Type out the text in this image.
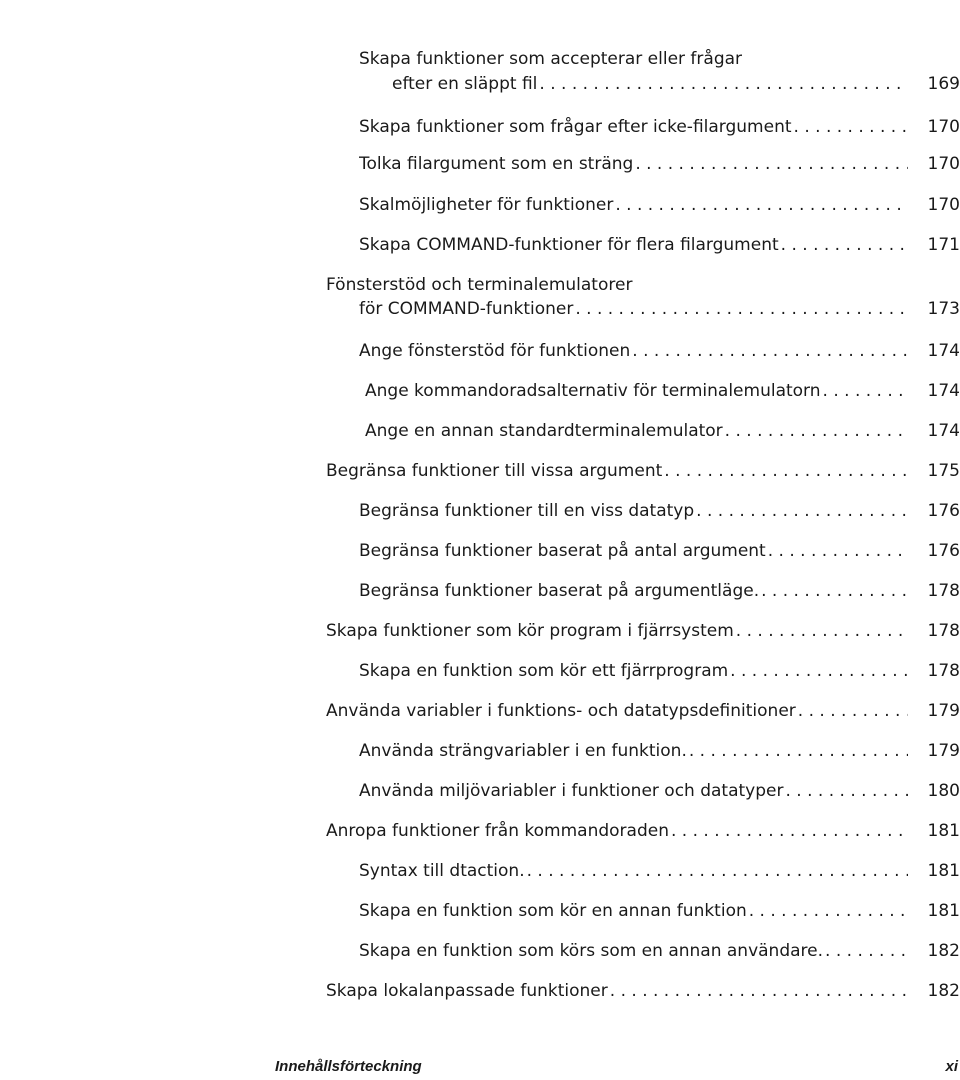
Skapa funktioner som accepterar eller frågar
efter en släppt fil . . .	169
Skapa funktioner som frågar efter icke-filargument . . .	170
Tolka filargument som en sträng . . .	170
Skalmöjligheter för funktioner . . .	170
Skapa COMMAND-funktioner för flera filargument . . .	171
Fönsterstöd och terminalemulatorer
för COMMAND-funktioner . . .	173
Ange fönsterstöd för funktionen . . .	174
Ange kommandoradsalternativ för terminalemulatorn . . .	174
Ange en annan standardterminalemulator . . .	174
Begränsa funktioner till vissa argument . . .	175
Begränsa funktioner till en viss datatyp . . .	176
Begränsa funktioner baserat på antal argument . . .	176
Begränsa funktioner baserat på argumentläge. . . .	178
Skapa funktioner som kör program i fjärrsystem . . .	178
Skapa en funktion som kör ett fjärrprogram . . .	178
Använda variabler i funktions- och datatypsdefinitioner . . .	179
Använda strängvariabler i en funktion. . . .	179
Använda miljövariabler i funktioner och datatyper . . .	180
Anropa funktioner från kommandoraden . . .	181
Syntax till dtaction. . . .	181
Skapa en funktion som kör en annan funktion . . .	181
Skapa en funktion som körs som en annan användare. . . .	182
Skapa lokalanpassade funktioner . . .	182
Innehållsförteckning	xi
